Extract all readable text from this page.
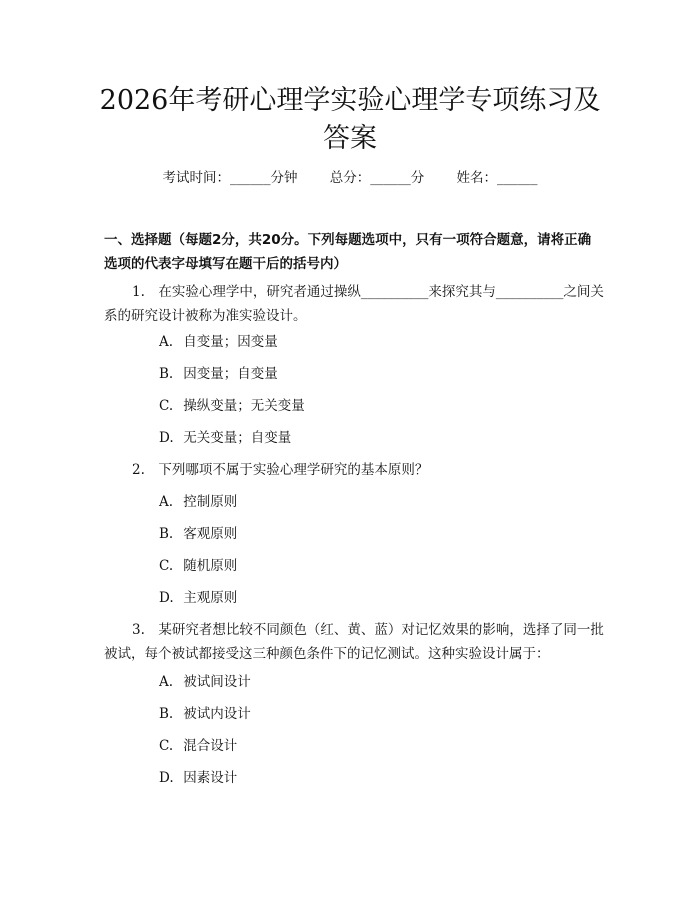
2026年考研心理学实验心理学专项练习及答案
考试时间：______分钟 总分：______分 姓名：______
一、选择题（每题2分，共20分。下列每题选项中，只有一项符合题意，请将正确选项的代表字母填写在题干后的括号内）
1.　在实验心理学中，研究者通过操纵__________来探究其与__________之间关系的研究设计被称为准实验设计。
A. 自变量；因变量
B. 因变量；自变量
C. 操纵变量；无关变量
D. 无关变量；自变量
2.　下列哪项不属于实验心理学研究的基本原则？
A. 控制原则
B. 客观原则
C. 随机原则
D. 主观原则
3.　某研究者想比较不同颜色（红、黄、蓝）对记忆效果的影响，选择了同一批被试，每个被试都接受这三种颜色条件下的记忆测试。这种实验设计属于：
A. 被试间设计
B. 被试内设计
C. 混合设计
D. 因素设计
